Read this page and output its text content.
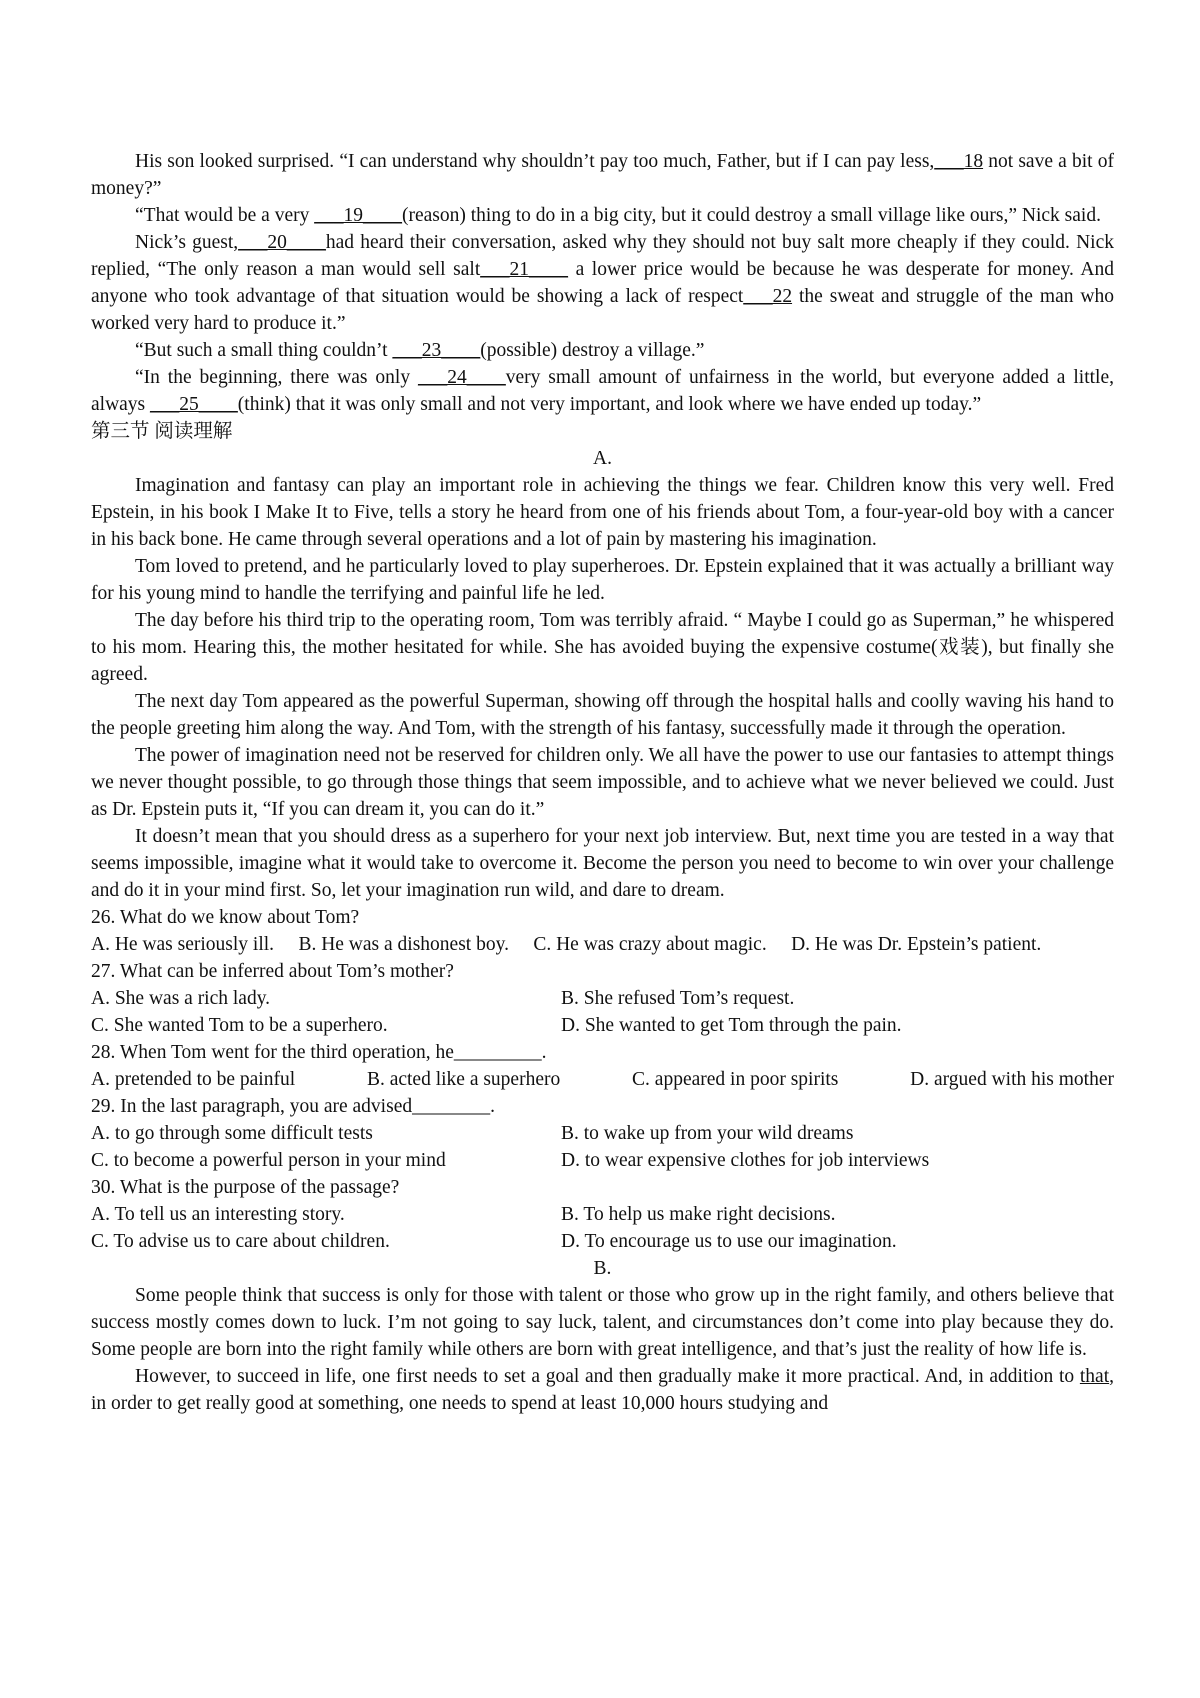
His son looked surprised. “I can understand why shouldn’t pay too much, Father, but if I can pay less,___18 not save a bit of money?”

“That would be a very ___19____(reason) thing to do in a big city, but it could destroy a small village like ours,” Nick said.

Nick’s guest,___20____had heard their conversation, asked why they should not buy salt more cheaply if they could. Nick replied, “The only reason a man would sell salt___21____ a lower price would be because he was desperate for money. And anyone who took advantage of that situation would be showing a lack of respect___22 the sweat and struggle of the man who worked very hard to produce it.”

“But such a small thing couldn’t ___23____(possible) destroy a village.”

“In the beginning, there was only ___24____very small amount of unfairness in the world, but everyone added a little, always ___25____(think) that it was only small and not very important, and look where we have ended up today.”

第三节 阅读理解

A.

Imagination and fantasy can play an important role in achieving the things we fear. Children know this very well. Fred Epstein, in his book I Make It to Five, tells a story he heard from one of his friends about Tom, a four-year-old boy with a cancer in his back bone. He came through several operations and a lot of pain by mastering his imagination.

Tom loved to pretend, and he particularly loved to play superheroes. Dr. Epstein explained that it was actually a brilliant way for his young mind to handle the terrifying and painful life he led.

The day before his third trip to the operating room, Tom was terribly afraid. “ Maybe I could go as Superman,” he whispered to his mom. Hearing this, the mother hesitated for while. She has avoided buying the expensive costume(戏装), but finally she agreed.

The next day Tom appeared as the powerful Superman, showing off through the hospital halls and coolly waving his hand to the people greeting him along the way. And Tom, with the strength of his fantasy, successfully made it through the operation.

The power of imagination need not be reserved for children only. We all have the power to use our fantasies to attempt things we never thought possible, to go through those things that seem impossible, and to achieve what we never believed we could. Just as Dr. Epstein puts it, “If you can dream it, you can do it.”

It doesn’t mean that you should dress as a superhero for your next job interview. But, next time you are tested in a way that seems impossible, imagine what it would take to overcome it. Become the person you need to become to win over your challenge and do it in your mind first. So, let your imagination run wild, and dare to dream.

26. What do we know about Tom?

A. He was seriously ill. B. He was a dishonest boy. C. He was crazy about magic. D. He was Dr. Epstein’s patient.

27. What can be inferred about Tom’s mother?

A. She was a rich lady.	B. She refused Tom’s request.
C. She wanted Tom to be a superhero.	D. She wanted to get Tom through the pain.

28. When Tom went for the third operation, he_________.

A. pretended to be painful	B. acted like a superhero	C. appeared in poor spirits	D. argued with his mother

29. In the last paragraph, you are advised________.

A. to go through some difficult tests	B. to wake up from your wild dreams
C. to become a powerful person in your mind	D. to wear expensive clothes for job interviews

30. What is the purpose of the passage?

A. To tell us an interesting story.	B. To help us make right decisions.
C. To advise us to care about children.	D. To encourage us to use our imagination.

B.

Some people think that success is only for those with talent or those who grow up in the right family, and others believe that success mostly comes down to luck. I’m not going to say luck, talent, and circumstances don’t come into play because they do. Some people are born into the right family while others are born with great intelligence, and that’s just the reality of how life is.

However, to succeed in life, one first needs to set a goal and then gradually make it more practical. And, in addition to that, in order to get really good at something, one needs to spend at least 10,000 hours studying and
